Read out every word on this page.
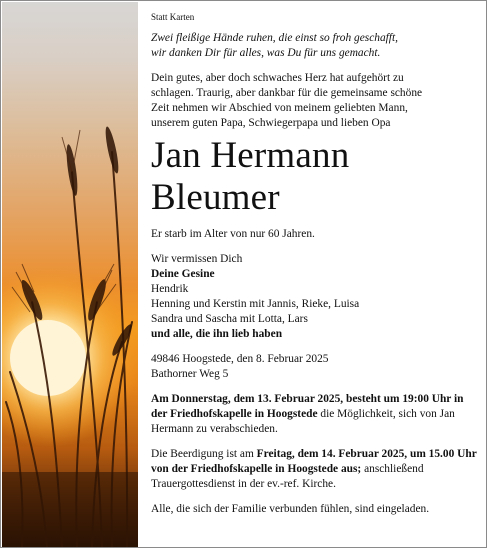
Statt Karten

Zwei fleißige Hände ruhen, die einst so froh geschafft,
wir danken Dir für alles, was Du für uns gemacht.

Dein gutes, aber doch schwaches Herz hat aufgehört zu
schlagen. Traurig, aber dankbar für die gemeinsame schöne
Zeit nehmen wir Abschied von meinem geliebten Mann,
unserem guten Papa, Schwiegerpapa und lieben Opa

Jan Hermann
Bleumer

Er starb im Alter von nur 60 Jahren.

Wir vermissen Dich
Deine Gesine
Hendrik
Henning und Kerstin mit Jannis, Rieke, Luisa
Sandra und Sascha mit Lotta, Lars
und alle, die ihn lieb haben

49846 Hoogstede, den 8. Februar 2025
Bathorner Weg 5

Am Donnerstag, dem 13. Februar 2025, besteht um 19:00 Uhr in der Friedhofskapelle in Hoogstede die Möglichkeit, sich von Jan Hermann zu verabschieden.

Die Beerdigung ist am Freitag, dem 14. Februar 2025, um 15.00 Uhr von der Friedhofskapelle in Hoogstede aus; anschließend Trauergottesdienst in der ev.-ref. Kirche.

Alle, die sich der Familie verbunden fühlen, sind eingeladen.
